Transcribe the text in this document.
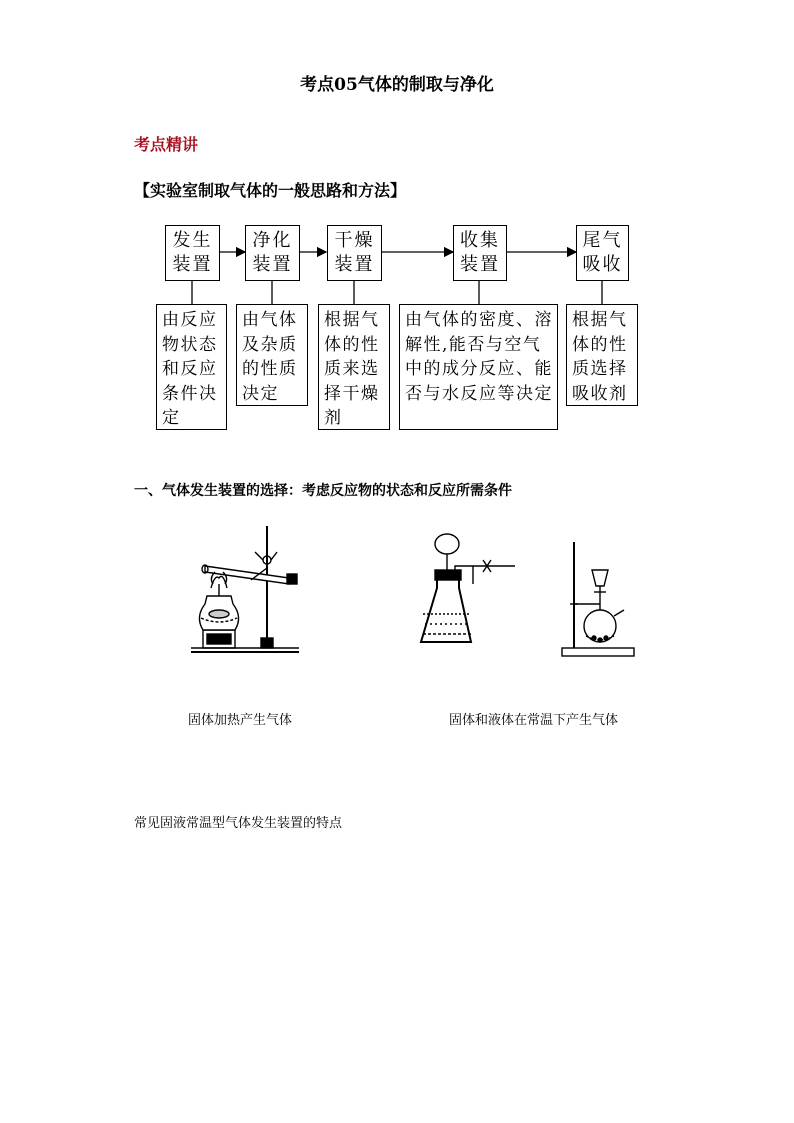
考点05气体的制取与净化
考点精讲
【实验室制取气体的一般思路和方法】
发生装置
净化装置
干燥装置
收集装置
尾气吸收
由反应物状态和反应条件决定
由气体及杂质的性质决定
根据气体的性质来选择干燥剂
由气体的密度、溶解性,能否与空气中的成分反应、能否与水反应等决定
根据气体的性质选择吸收剂
一、气体发生装置的选择：考虑反应物的状态和反应所需条件
固体加热产生气体	固体和液体在常温下产生气体
常见固液常温型气体发生装置的特点
